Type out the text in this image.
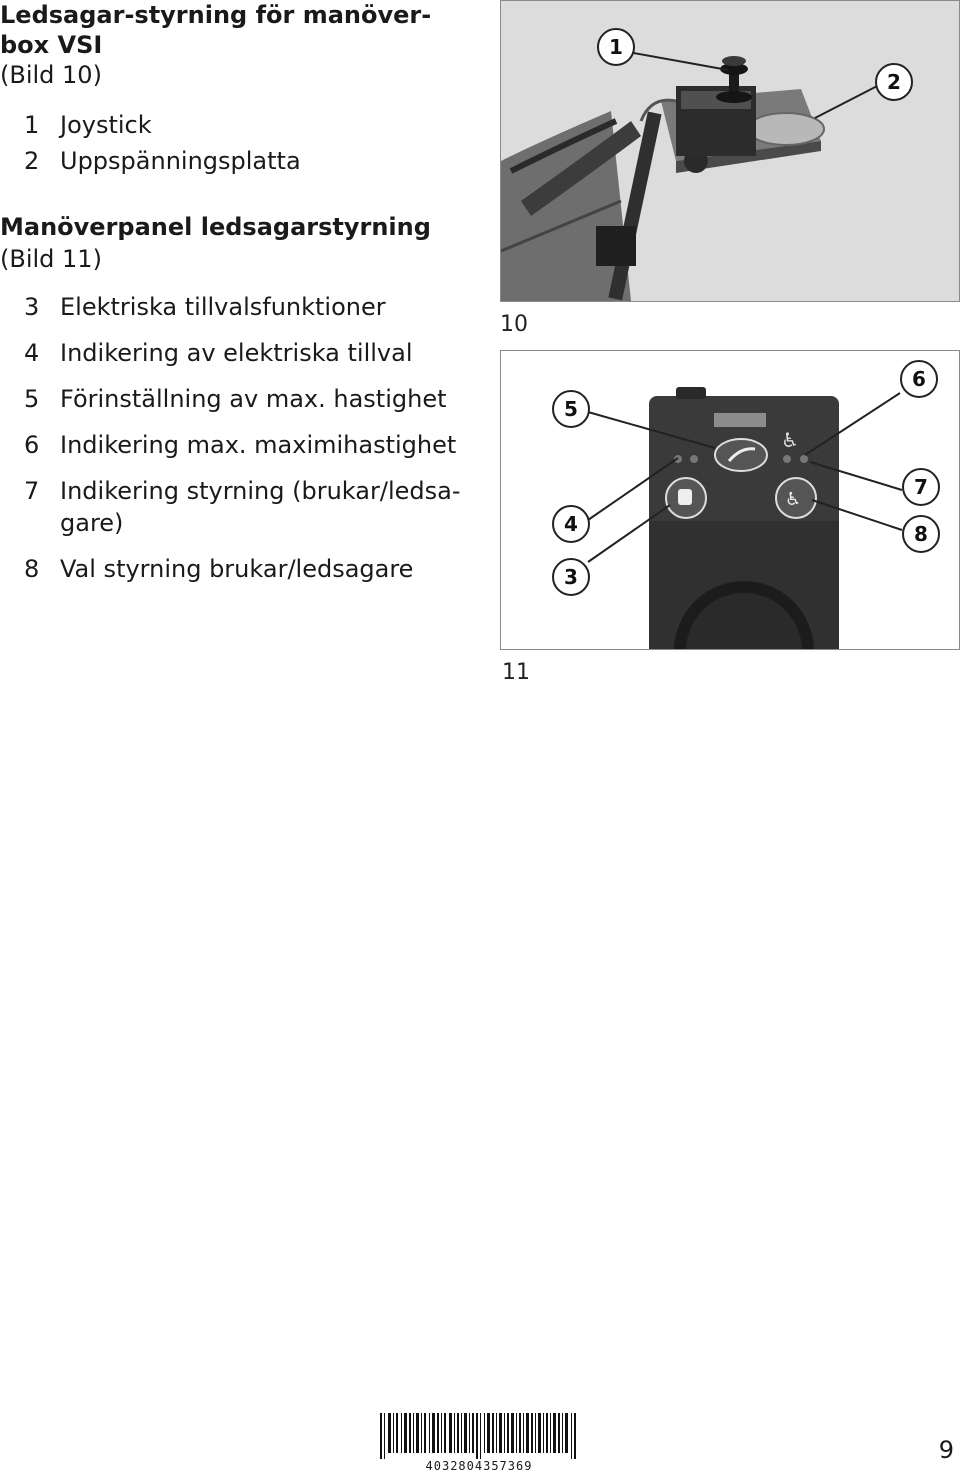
Ledsagar-styrning för manöver-
box VSI
(Bild 10)
1 Joystick
2 Uppspänningsplatta
Manöverpanel ledsagarstyrning
(Bild 11)
3 Elektriska tillvalsfunktioner
4 Indikering av elektriska tillval
5 Förinställning av max. hastighet
6 Indikering max. maximihastighet
7 Indikering styrning (brukar/ledsa-
gare)
8 Val styrning brukar/ledsagare
1
2
10
♿
♿
5
6
7
8
4
3
11
4032804357369
9
